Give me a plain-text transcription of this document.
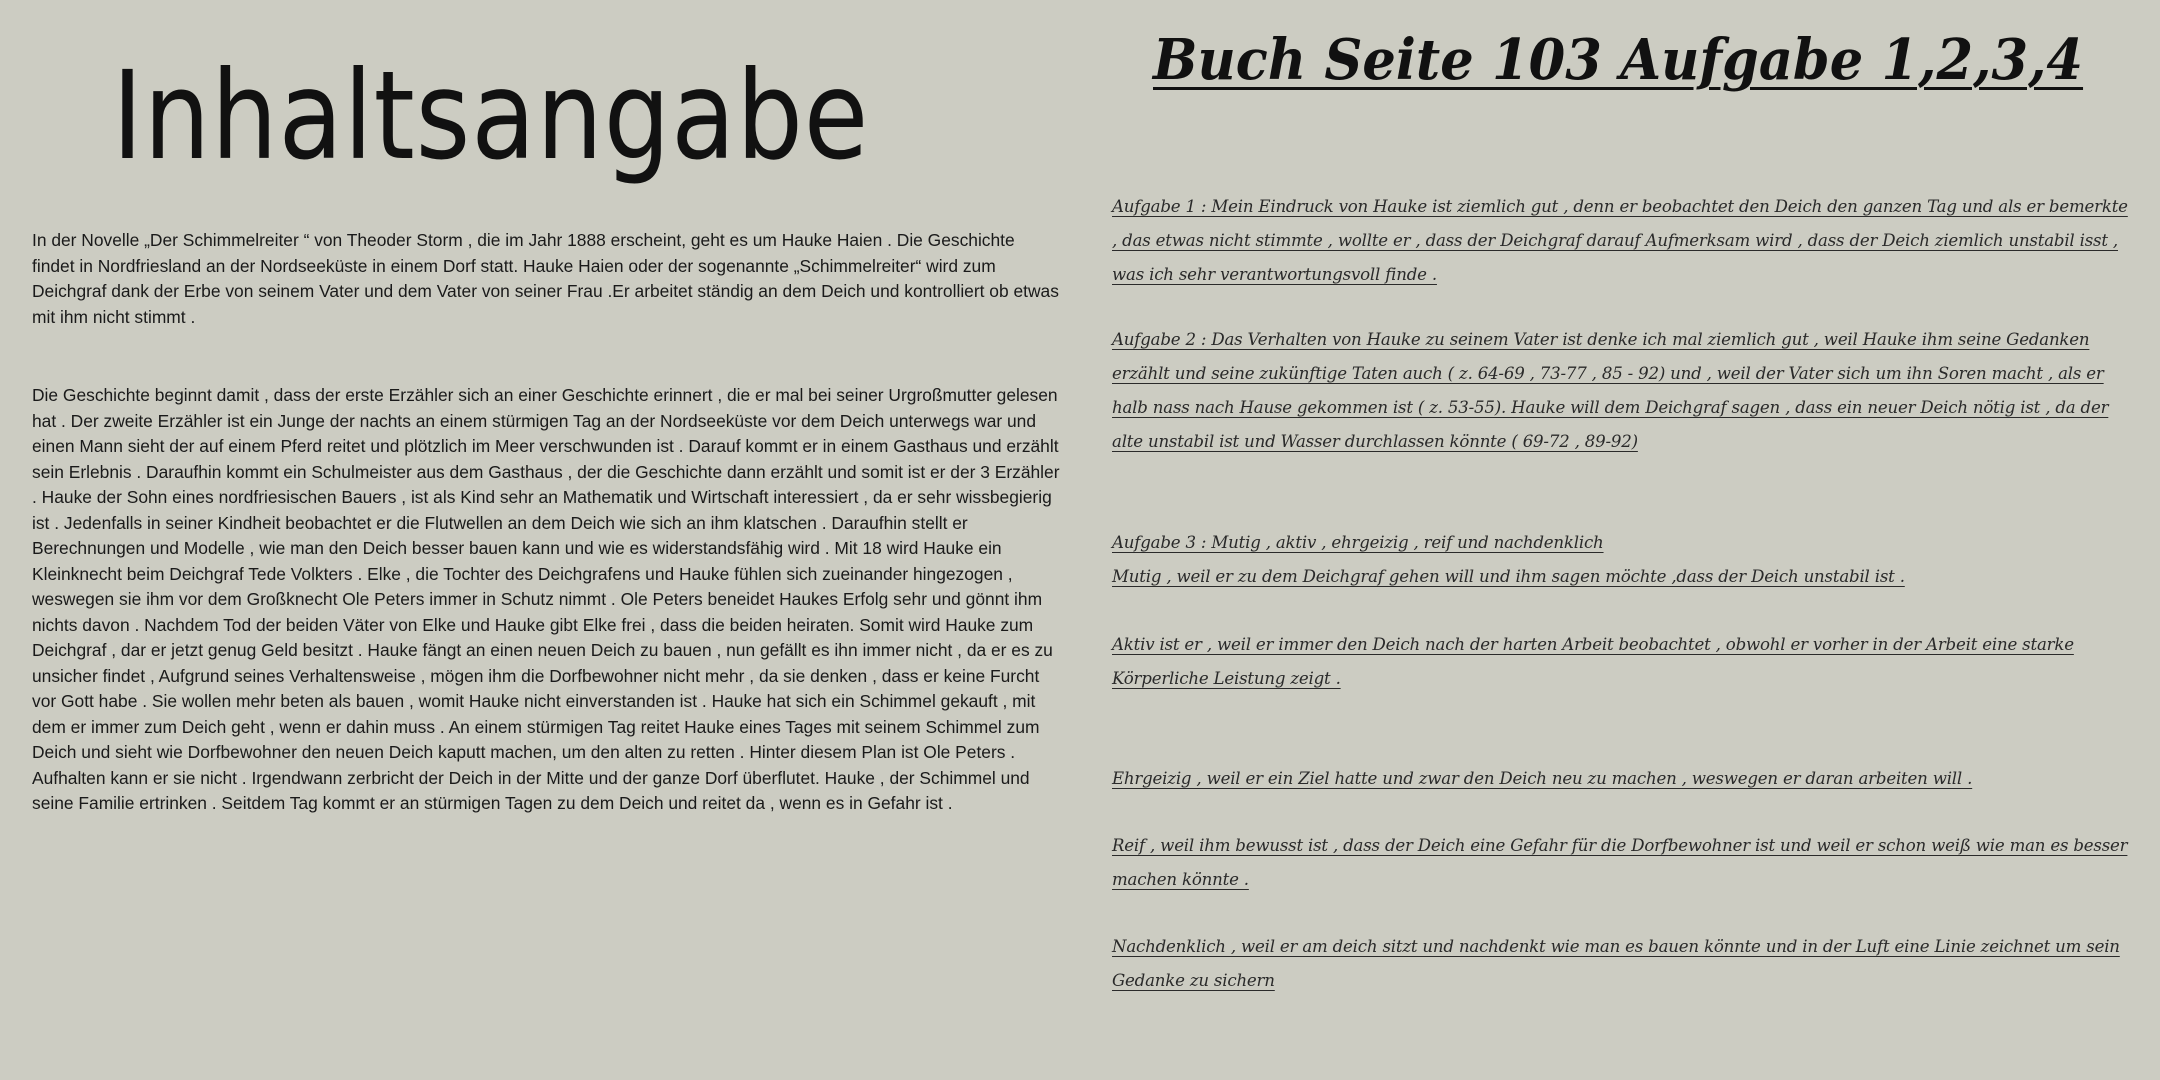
Inhaltsangabe

In der Novelle „Der Schimmelreiter “ von Theoder Storm , die im Jahr 1888 erscheint, geht es um Hauke Haien . Die Geschichte findet in Nordfriesland an der Nordseeküste in einem Dorf statt. Hauke Haien oder der sogenannte „Schimmelreiter“ wird zum Deichgraf dank der Erbe von seinem Vater und dem Vater von seiner Frau .Er arbeitet ständig an dem Deich und kontrolliert ob etwas mit ihm nicht stimmt .

Die Geschichte beginnt damit , dass der erste Erzähler sich an einer Geschichte erinnert , die er mal bei seiner Urgroßmutter gelesen hat . Der zweite Erzähler ist ein Junge der nachts an einem stürmigen Tag an der Nordseeküste vor dem Deich unterwegs war und einen Mann sieht der auf einem Pferd reitet und plötzlich im Meer verschwunden ist . Darauf kommt er in einem Gasthaus und erzählt sein Erlebnis . Daraufhin kommt ein Schulmeister aus dem Gasthaus , der die Geschichte dann erzählt und somit ist er der 3 Erzähler . Hauke der Sohn eines nordfriesischen Bauers , ist als Kind sehr an Mathematik und Wirtschaft interessiert , da er sehr wissbegierig ist . Jedenfalls in seiner Kindheit beobachtet er die Flutwellen an dem Deich wie sich an ihm klatschen . Daraufhin stellt er Berechnungen und Modelle , wie man den Deich besser bauen kann und wie es widerstandsfähig wird . Mit 18 wird Hauke ein Kleinknecht beim Deichgraf Tede Volkters . Elke , die Tochter des Deichgrafens und Hauke fühlen sich zueinander hingezogen , weswegen sie ihm vor dem Großknecht Ole Peters immer in Schutz nimmt . Ole Peters beneidet Haukes Erfolg sehr und gönnt ihm nichts davon . Nachdem Tod der beiden Väter von Elke und Hauke gibt Elke frei , dass die beiden heiraten. Somit wird Hauke zum Deichgraf , dar er jetzt genug Geld besitzt . Hauke fängt an einen neuen Deich zu bauen , nun gefällt es ihn immer nicht , da er es zu unsicher findet , Aufgrund seines Verhaltensweise , mögen ihm die Dorfbewohner nicht mehr , da sie denken , dass er keine Furcht vor Gott habe . Sie wollen mehr beten als bauen , womit Hauke nicht einverstanden ist . Hauke hat sich ein Schimmel gekauft , mit dem er immer zum Deich geht , wenn er dahin muss . An einem stürmigen Tag reitet Hauke eines Tages mit seinem Schimmel zum Deich und sieht wie Dorfbewohner den neuen Deich kaputt machen, um den alten zu retten . Hinter diesem Plan ist Ole Peters . Aufhalten kann er sie nicht . Irgendwann zerbricht der Deich in der Mitte und der ganze Dorf überflutet. Hauke , der Schimmel und seine Familie ertrinken . Seitdem Tag kommt er an stürmigen Tagen zu dem Deich und reitet da , wenn es in Gefahr ist .

Buch Seite 103 Aufgabe 1,2,3,4

Aufgabe 1 : Mein Eindruck von Hauke ist ziemlich gut , denn er beobachtet den Deich den ganzen Tag und als er bemerkte , das etwas nicht stimmte , wollte er , dass der Deichgraf darauf Aufmerksam wird , dass der Deich ziemlich unstabil isst , was ich sehr verantwortungsvoll finde .

Aufgabe 2 : Das Verhalten von Hauke zu seinem Vater ist denke ich mal ziemlich gut , weil Hauke ihm seine Gedanken erzählt und seine zukünftige Taten auch ( z. 64-69 , 73-77 , 85 - 92) und , weil der Vater sich um ihn Soren macht , als er halb nass nach Hause gekommen ist ( z. 53-55). Hauke will dem Deichgraf sagen , dass ein neuer Deich nötig ist , da der alte unstabil ist und Wasser durchlassen könnte ( 69-72 , 89-92)

Aufgabe 3 : Mutig , aktiv , ehrgeizig , reif und nachdenklich

Aktiv ist er , weil er immer den Deich nach der harten Arbeit beobachtet , obwohl er vorher in der Arbeit eine starke Körperliche Leistung zeigt .

Ehrgeizig , weil er ein Ziel hatte und zwar den Deich neu zu machen , weswegen er daran arbeiten will .

Reif , weil ihm bewusst ist , dass der Deich eine Gefahr für die Dorfbewohner ist und weil er schon weiß wie man es besser machen könnte .

Nachdenklich , weil er am deich sitzt und nachdenkt wie man es bauen könnte und in der Luft eine Linie zeichnet um sein Gedanke zu sichern

Mutig , weil er zu dem Deichgraf gehen will und ihm sagen möchte ,dass der Deich unstabil ist .
